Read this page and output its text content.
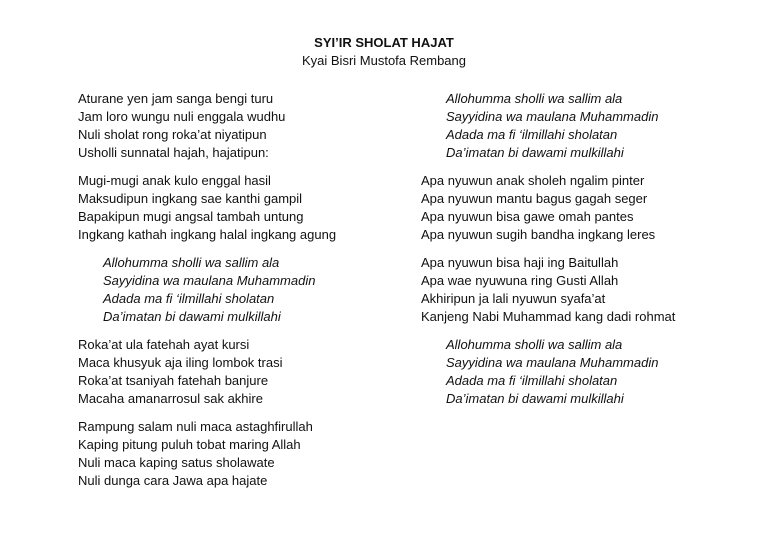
SYI’IR SHOLAT HAJAT
Kyai Bisri Mustofa Rembang
Aturane yen jam sanga bengi turu
Jam loro wungu nuli enggala wudhu
Nuli sholat rong roka’at niyatipun
Usholli sunnatal hajah, hajatipun:
Mugi-mugi anak kulo enggal hasil
Maksudipun ingkang sae kanthi gampil
Bapakipun mugi angsal tambah untung
Ingkang kathah ingkang halal ingkang agung
Allohumma sholli wa sallim ala
Sayyidina wa maulana Muhammadin
Adada ma fi ‘ilmillahi sholatan
Da’imatan bi dawami mulkillahi
Roka’at ula fatehah ayat kursi
Maca khusyuk aja iling lombok trasi
Roka’at tsaniyah fatehah banjure
Macaha amanarrosul sak akhire
Rampung salam nuli maca astaghfirullah
Kaping pitung puluh tobat maring Allah
Nuli maca kaping satus sholawate
Nuli dunga cara Jawa apa hajate
Allohumma sholli wa sallim ala
Sayyidina wa maulana Muhammadin
Adada ma fi ‘ilmillahi sholatan
Da’imatan bi dawami mulkillahi
Apa nyuwun anak sholeh ngalim pinter
Apa nyuwun mantu bagus gagah seger
Apa nyuwun bisa gawe omah pantes
Apa nyuwun sugih bandha ingkang leres
Apa nyuwun bisa haji ing Baitullah
Apa wae nyuwuna ring Gusti Allah
Akhiripun ja lali nyuwun syafa’at
Kanjeng Nabi Muhammad kang dadi rohmat
Allohumma sholli wa sallim ala
Sayyidina wa maulana Muhammadin
Adada ma fi ‘ilmillahi sholatan
Da’imatan bi dawami mulkillahi
